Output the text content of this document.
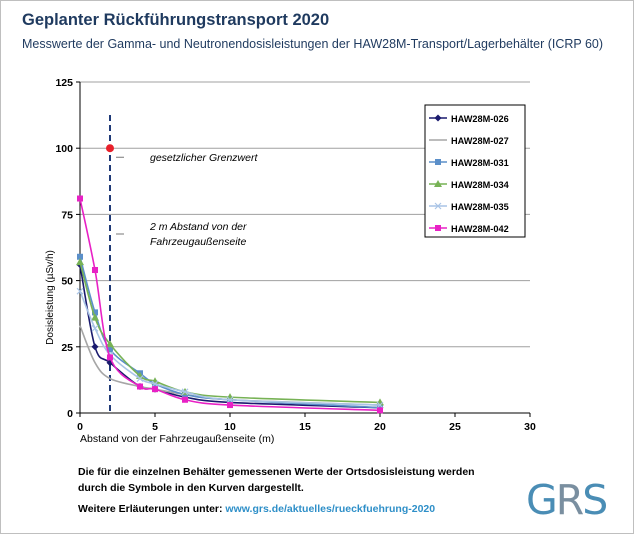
Geplanter Rückführungstransport 2020
Messwerte der Gamma- und Neutronendosisleistungen der HAW28M-Transport/Lagerbehälter (ICRP 60)
0
25
50
75
100
125
0	5	10	15	20	25	30
Abstand von der Fahrzeugaußenseite (m)
Dosisleistung (µSv/h)
gesetzlicher Grenzwert
2 m Abstand von der
Fahrzeugaußenseite
HAW28M-026
HAW28M-027
HAW28M-031
HAW28M-034
HAW28M-035
HAW28M-042
Die für die einzelnen Behälter gemessenen Werte der Ortsdosisleistung werden durch die Symbole in den Kurven dargestellt.
Weitere Erläuterungen unter: www.grs.de/aktuelles/rueckfuehrung-2020 GRS
